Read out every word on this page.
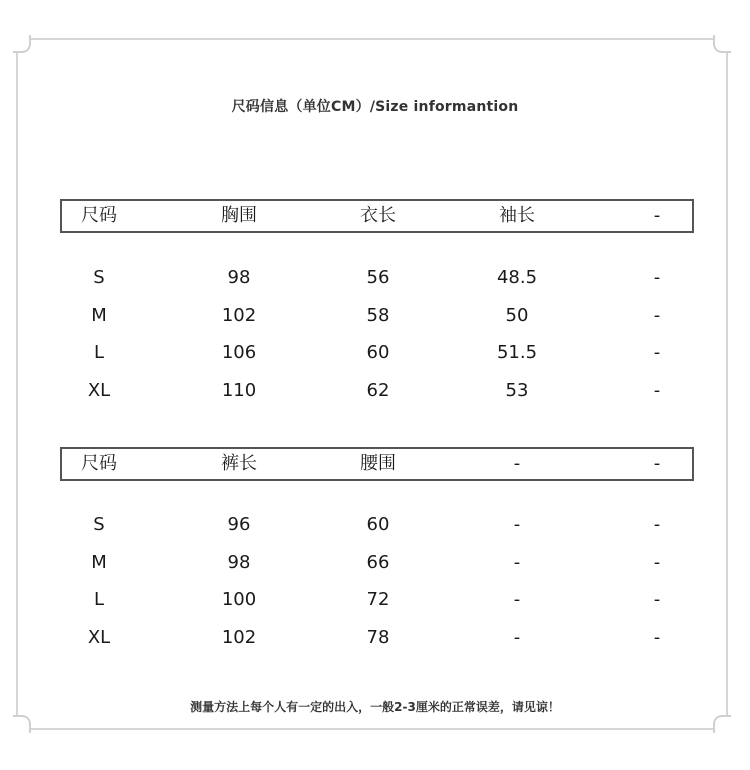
尺码信息（单位CM）/Size informantion
尺码	胸围	衣长	袖长	-
S	98	56	48.5	-
M	102	58	50	-
L	106	60	51.5	-
XL	110	62	53	-
尺码	裤长	腰围	-	-
S	96	60	-	-
M	98	66	-	-
L	100	72	-	-
XL	102	78	-	-
测量方法上每个人有一定的出入，一般2-3厘米的正常误差，请见谅！
